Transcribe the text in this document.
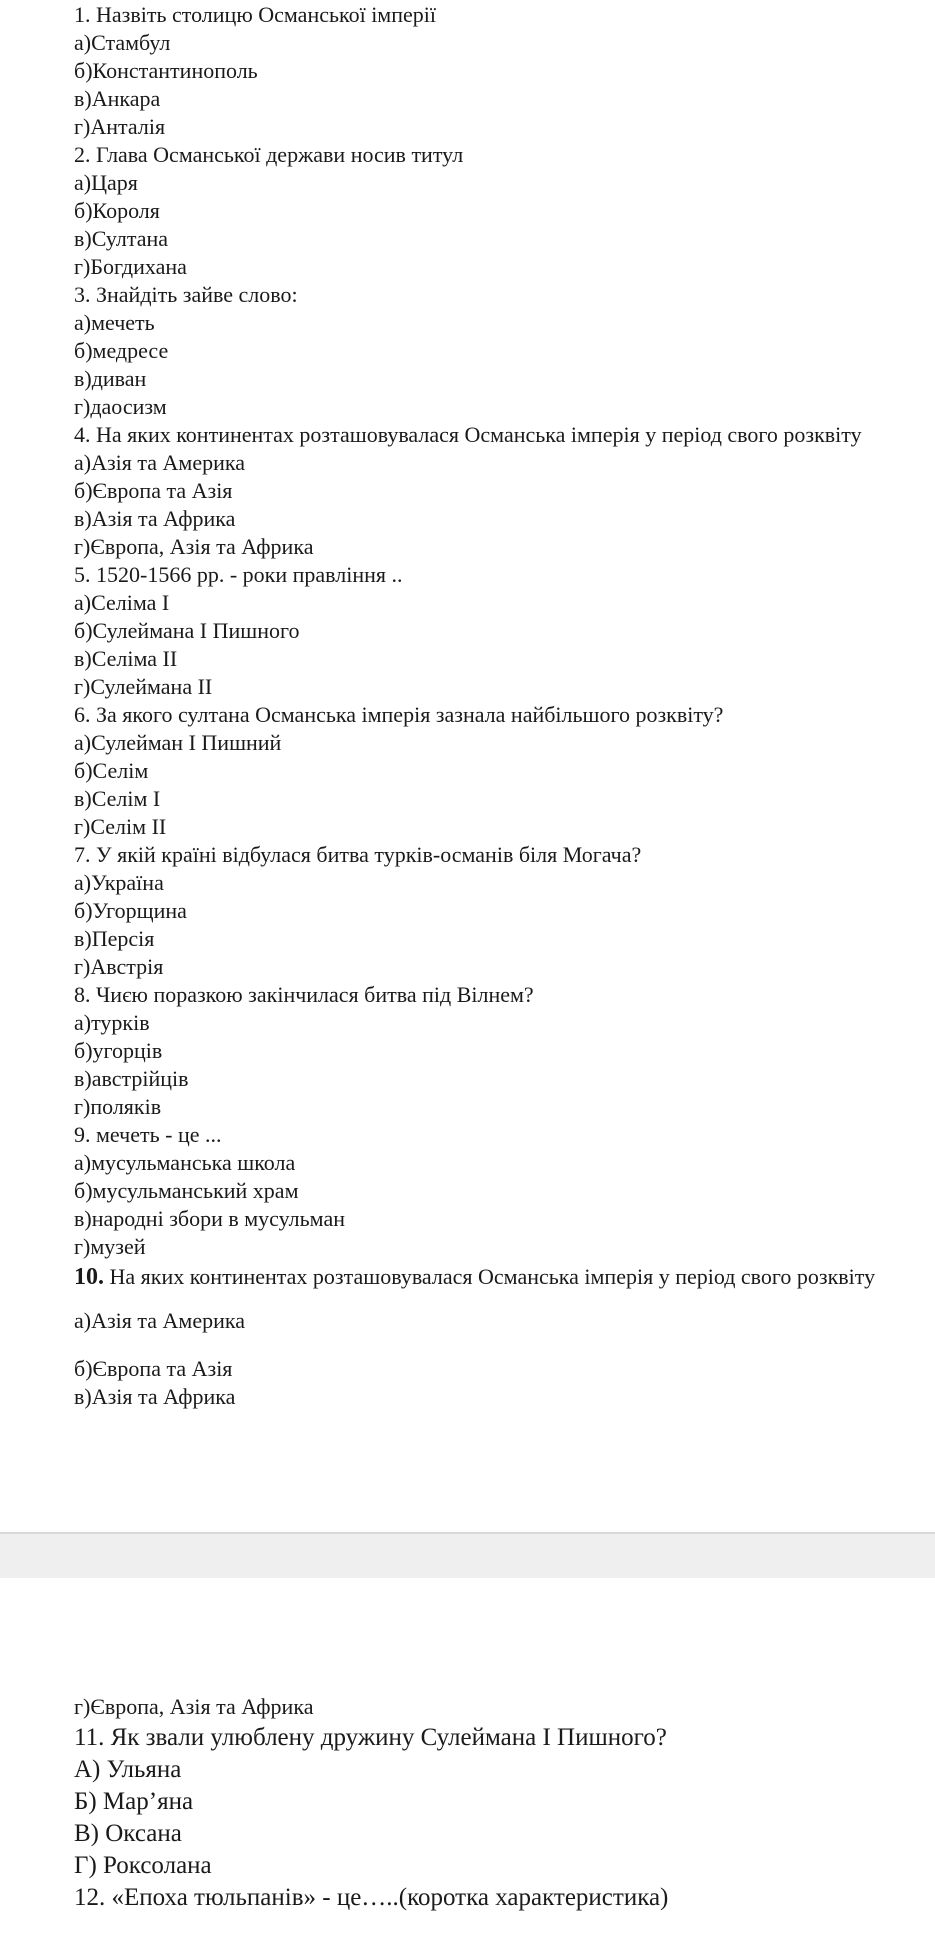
1. Назвіть столицю Османської імперії
а)Стамбул
б)Константинополь
в)Анкара
г)Анталія
2. Глава Османської держави носив титул
а)Царя
б)Короля
в)Султана
г)Богдихана
3. Знайдіть зайве слово:
а)мечеть
б)медресе
в)диван
г)даосизм
4. На яких континентах розташовувалася Османська імперія у період свого розквіту
а)Азія та Америка
б)Європа та Азія
в)Азія та Африка
г)Європа, Азія та Африка
5. 1520-1566 рр. - роки правління ..
а)Селіма І
б)Сулеймана І Пишного
в)Селіма ІІ
г)Сулеймана ІІ
6. За якого султана Османська імперія зазнала найбільшого розквіту?
а)Сулейман І Пишний
б)Селім
в)Селім І
г)Селім ІІ
7. У якій країні відбулася битва турків-османів біля Могача?
а)Україна
б)Угорщина
в)Персія
г)Австрія
8. Чиєю поразкою закінчилася битва під Вілнем?
а)турків
б)угорців
в)австрійців
г)поляків
9. мечеть - це ...
а)мусульманська школа
б)мусульманський храм
в)народні збори в мусульман
г)музей
10. На яких континентах розташовувалася Османська імперія у період свого розквіту
а)Азія та Америка
б)Європа та Азія
в)Азія та Африка
г)Європа, Азія та Африка
11. Як звали улюблену дружину Сулеймана І Пишного?
А) Ульяна
Б) Мар’яна
В) Оксана
Г) Роксолана
12. «Епоха тюльпанів» - це…..(коротка характеристика)
